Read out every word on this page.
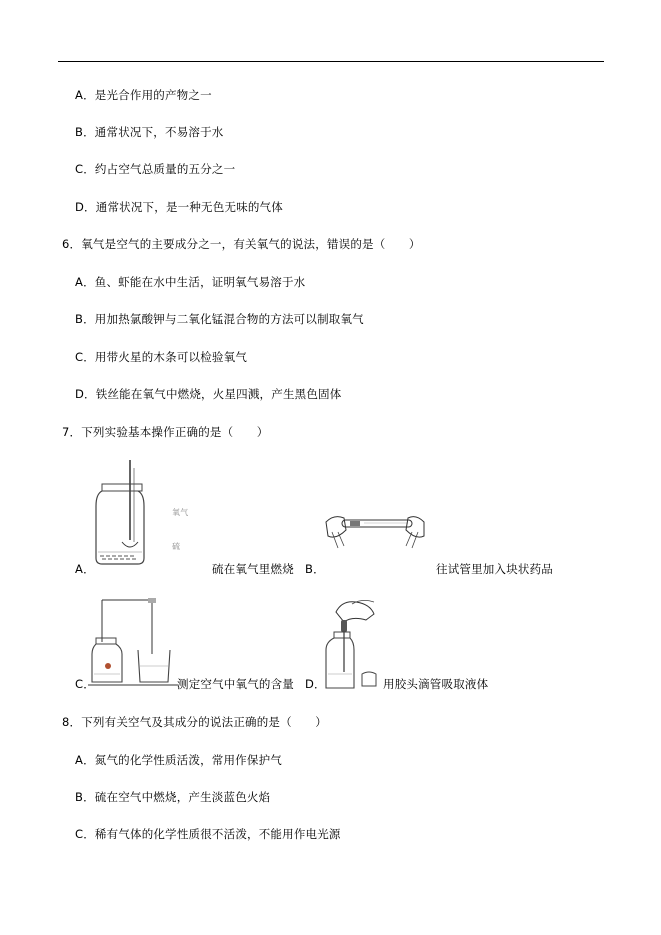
A．是光合作用的产物之一
B．通常状况下，不易溶于水
C．约占空气总质量的五分之一
D．通常状况下，是一种无色无味的气体
6．氧气是空气的主要成分之一，有关氧气的说法，错误的是（　　）
A．鱼、虾能在水中生活，证明氧气易溶于水
B．用加热氯酸钾与二氧化锰混合物的方法可以制取氧气
C．用带火星的木条可以检验氧气
D．铁丝能在氧气中燃烧，火星四溅，产生黑色固体
7．下列实验基本操作正确的是（　　）
氧气
硫
A．	硫在氧气里燃烧 B．	往试管里加入块状药品
C．	测定空气中氧气的含量 D．	用胶头滴管吸取液体
8．下列有关空气及其成分的说法正确的是（　　）
A．氮气的化学性质活泼，常用作保护气
B．硫在空气中燃烧，产生淡蓝色火焰
C．稀有气体的化学性质很不活泼，不能用作电光源
